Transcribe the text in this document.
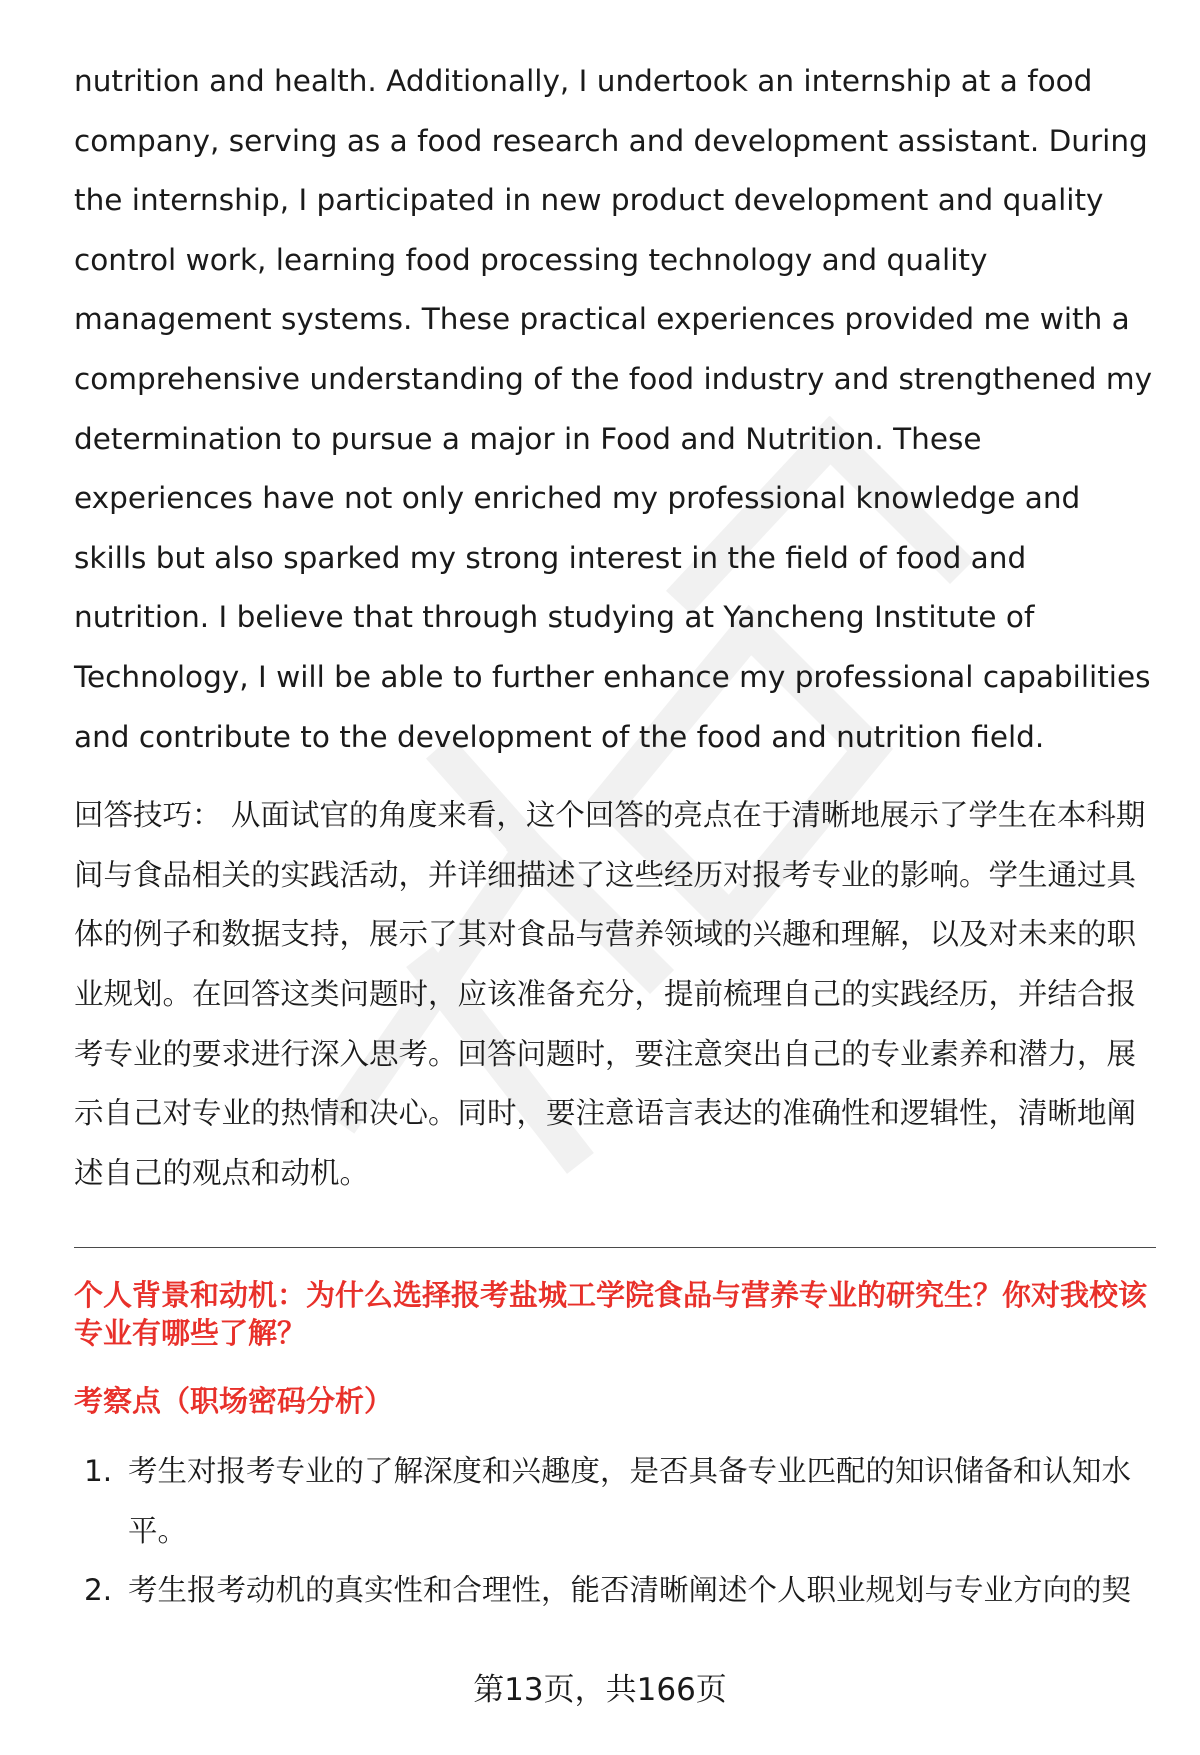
nutrition and health. Additionally, I undertook an internship at a food company, serving as a food research and development assistant. During the internship, I participated in new product development and quality control work, learning food processing technology and quality management systems. These practical experiences provided me with a comprehensive understanding of the food industry and strengthened my determination to pursue a major in Food and Nutrition. These experiences have not only enriched my professional knowledge and skills but also sparked my strong interest in the field of food and nutrition. I believe that through studying at Yancheng Institute of Technology, I will be able to further enhance my professional capabilities and contribute to the development of the food and nutrition field.

回答技巧： 从面试官的角度来看，这个回答的亮点在于清晰地展示了学生在本科期间与食品相关的实践活动，并详细描述了这些经历对报考专业的影响。学生通过具体的例子和数据支持，展示了其对食品与营养领域的兴趣和理解，以及对未来的职业规划。在回答这类问题时，应该准备充分，提前梳理自己的实践经历，并结合报考专业的要求进行深入思考。回答问题时，要注意突出自己的专业素养和潜力，展示自己对专业的热情和决心。同时，要注意语言表达的准确性和逻辑性，清晰地阐述自己的观点和动机。

个人背景和动机：为什么选择报考盐城工学院食品与营养专业的研究生？你对我校该专业有哪些了解？
考察点（职场密码分析）
1. 考生对报考专业的了解深度和兴趣度，是否具备专业匹配的知识储备和认知水平。
2. 考生报考动机的真实性和合理性，能否清晰阐述个人职业规划与专业方向的契
第13页，共166页
